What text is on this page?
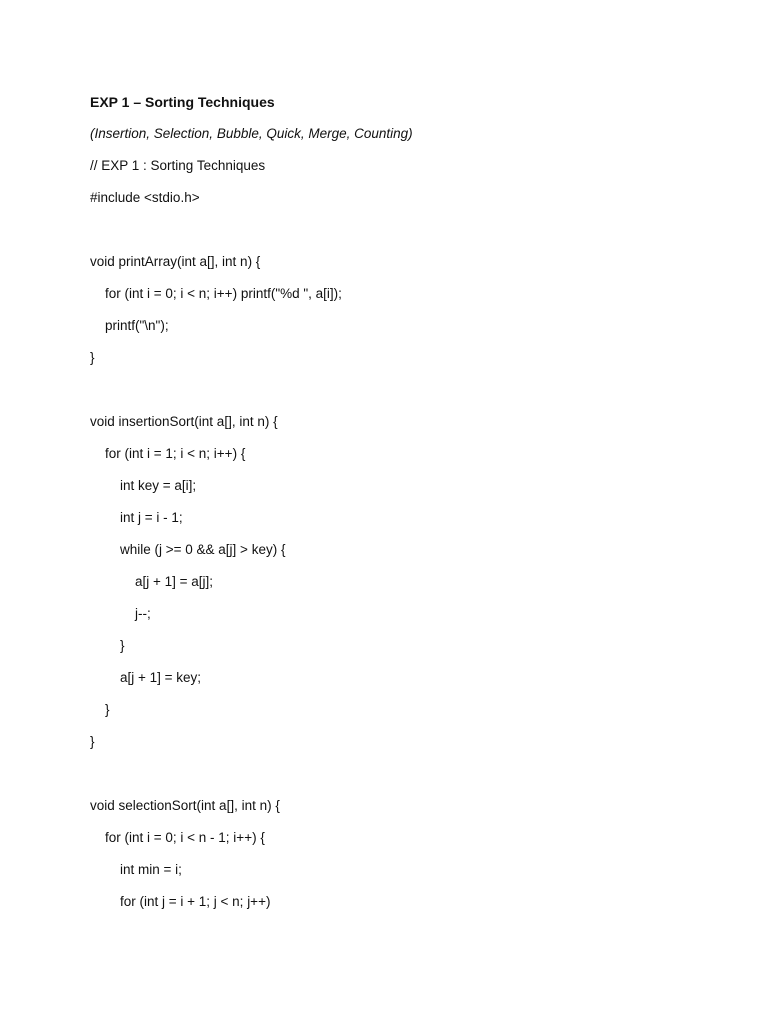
EXP 1 – Sorting Techniques
(Insertion, Selection, Bubble, Quick, Merge, Counting)
// EXP 1 : Sorting Techniques
#include <stdio.h>
void printArray(int a[], int n) {
for (int i = 0; i < n; i++) printf("%d ", a[i]);
printf("\n");
}
void insertionSort(int a[], int n) {
for (int i = 1; i < n; i++) {
int key = a[i];
int j = i - 1;
while (j >= 0 && a[j] > key) {
a[j + 1] = a[j];
j--;
}
a[j + 1] = key;
}
}
void selectionSort(int a[], int n) {
for (int i = 0; i < n - 1; i++) {
int min = i;
for (int j = i + 1; j < n; j++)
